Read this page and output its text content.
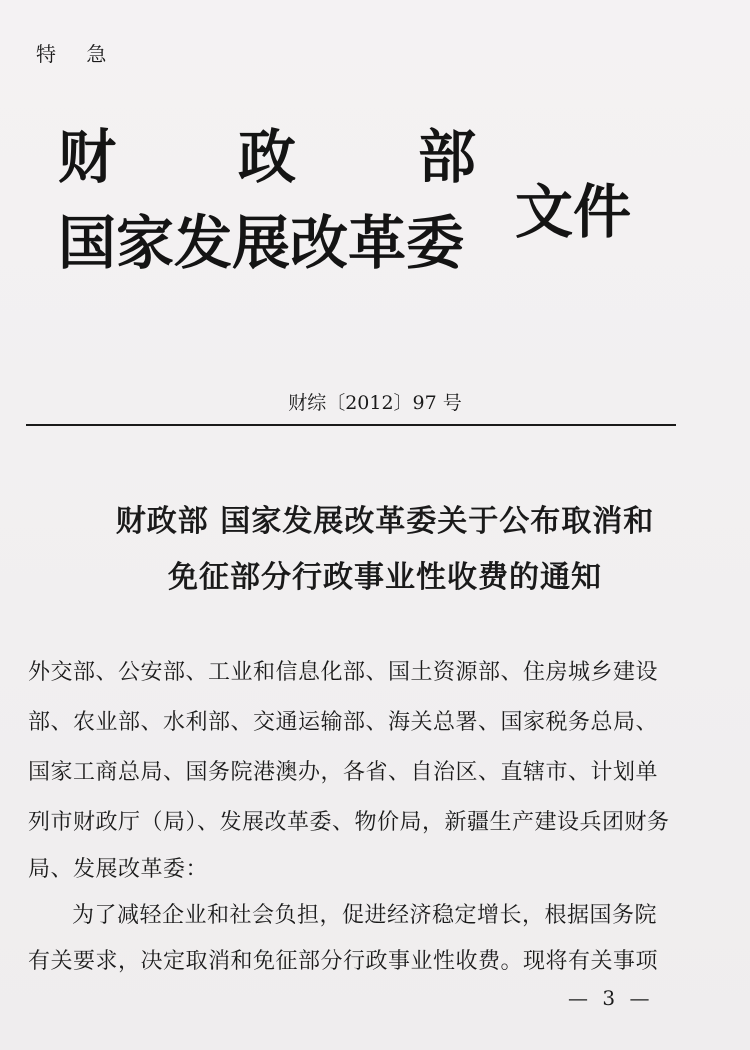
特 急
财 政 部
国家发展改革委 文件
财综〔2012〕97 号
财政部 国家发展改革委关于公布取消和
免征部分行政事业性收费的通知
外交部、公安部、工业和信息化部、国土资源部、住房城乡建设
部、农业部、水利部、交通运输部、海关总署、国家税务总局、
国家工商总局、国务院港澳办，各省、自治区、直辖市、计划单
列市财政厅（局）、发展改革委、物价局，新疆生产建设兵团财务
局、发展改革委：
为了减轻企业和社会负担，促进经济稳定增长，根据国务院
有关要求，决定取消和免征部分行政事业性收费。现将有关事项
— 3 —
